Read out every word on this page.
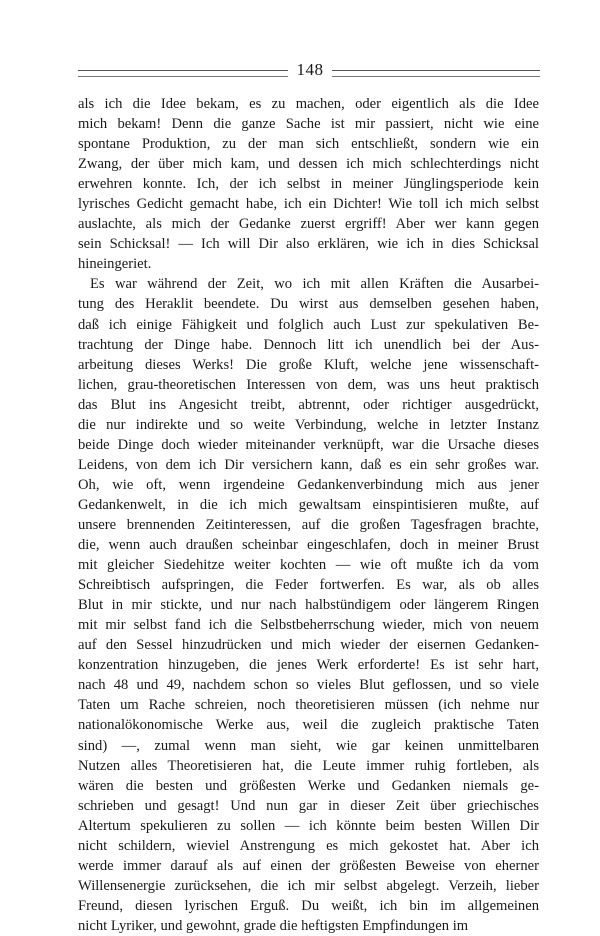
148
als ich die Idee bekam, es zu machen, oder eigentlich als die Idee
mich bekam! Denn die ganze Sache ist mir passiert, nicht wie eine
spontane Produktion, zu der man sich entschließt, sondern wie ein
Zwang, der über mich kam, und dessen ich mich schlechterdings nicht
erwehren konnte. Ich, der ich selbst in meiner Jünglingsperiode kein
lyrisches Gedicht gemacht habe, ich ein Dichter! Wie toll ich mich selbst
auslachte, als mich der Gedanke zuerst ergriff! Aber wer kann gegen
sein Schicksal! — Ich will Dir also erklären, wie ich in dies Schicksal
hineingeriet.
Es war während der Zeit, wo ich mit allen Kräften die Ausarbei-
tung des Heraklit beendete. Du wirst aus demselben gesehen haben,
daß ich einige Fähigkeit und folglich auch Lust zur spekulativen Be-
trachtung der Dinge habe. Dennoch litt ich unendlich bei der Aus-
arbeitung dieses Werks! Die große Kluft, welche jene wissenschaft-
lichen, grau-theoretischen Interessen von dem, was uns heut praktisch
das Blut ins Angesicht treibt, abtrennt, oder richtiger ausgedrückt,
die nur indirekte und so weite Verbindung, welche in letzter Instanz
beide Dinge doch wieder miteinander verknüpft, war die Ursache dieses
Leidens, von dem ich Dir versichern kann, daß es ein sehr großes war.
Oh, wie oft, wenn irgendeine Gedankenverbindung mich aus jener
Gedankenwelt, in die ich mich gewaltsam einspintisieren mußte, auf
unsere brennenden Zeitinteressen, auf die großen Tagesfragen brachte,
die, wenn auch draußen scheinbar eingeschlafen, doch in meiner Brust
mit gleicher Siedehitze weiter kochten — wie oft mußte ich da vom
Schreibtisch aufspringen, die Feder fortwerfen. Es war, als ob alles
Blut in mir stickte, und nur nach halbstündigem oder längerem Ringen
mit mir selbst fand ich die Selbstbeherrschung wieder, mich von neuem
auf den Sessel hinzudrücken und mich wieder der eisernen Gedanken-
konzentration hinzugeben, die jenes Werk erforderte! Es ist sehr hart,
nach 48 und 49, nachdem schon so vieles Blut geflossen, und so viele
Taten um Rache schreien, noch theoretisieren müssen (ich nehme nur
nationalökonomische Werke aus, weil die zugleich praktische Taten
sind) —, zumal wenn man sieht, wie gar keinen unmittelbaren
Nutzen alles Theoretisieren hat, die Leute immer ruhig fortleben, als
wären die besten und größesten Werke und Gedanken niemals ge-
schrieben und gesagt! Und nun gar in dieser Zeit über griechisches
Altertum spekulieren zu sollen — ich könnte beim besten Willen Dir
nicht schildern, wieviel Anstrengung es mich gekostet hat. Aber ich
werde immer darauf als auf einen der größesten Beweise von eherner
Willensenergie zurücksehen, die ich mir selbst abgelegt. Verzeih, lieber
Freund, diesen lyrischen Erguß. Du weißt, ich bin im allgemeinen
nicht Lyriker, und gewohnt, grade die heftigsten Empfindungen im
